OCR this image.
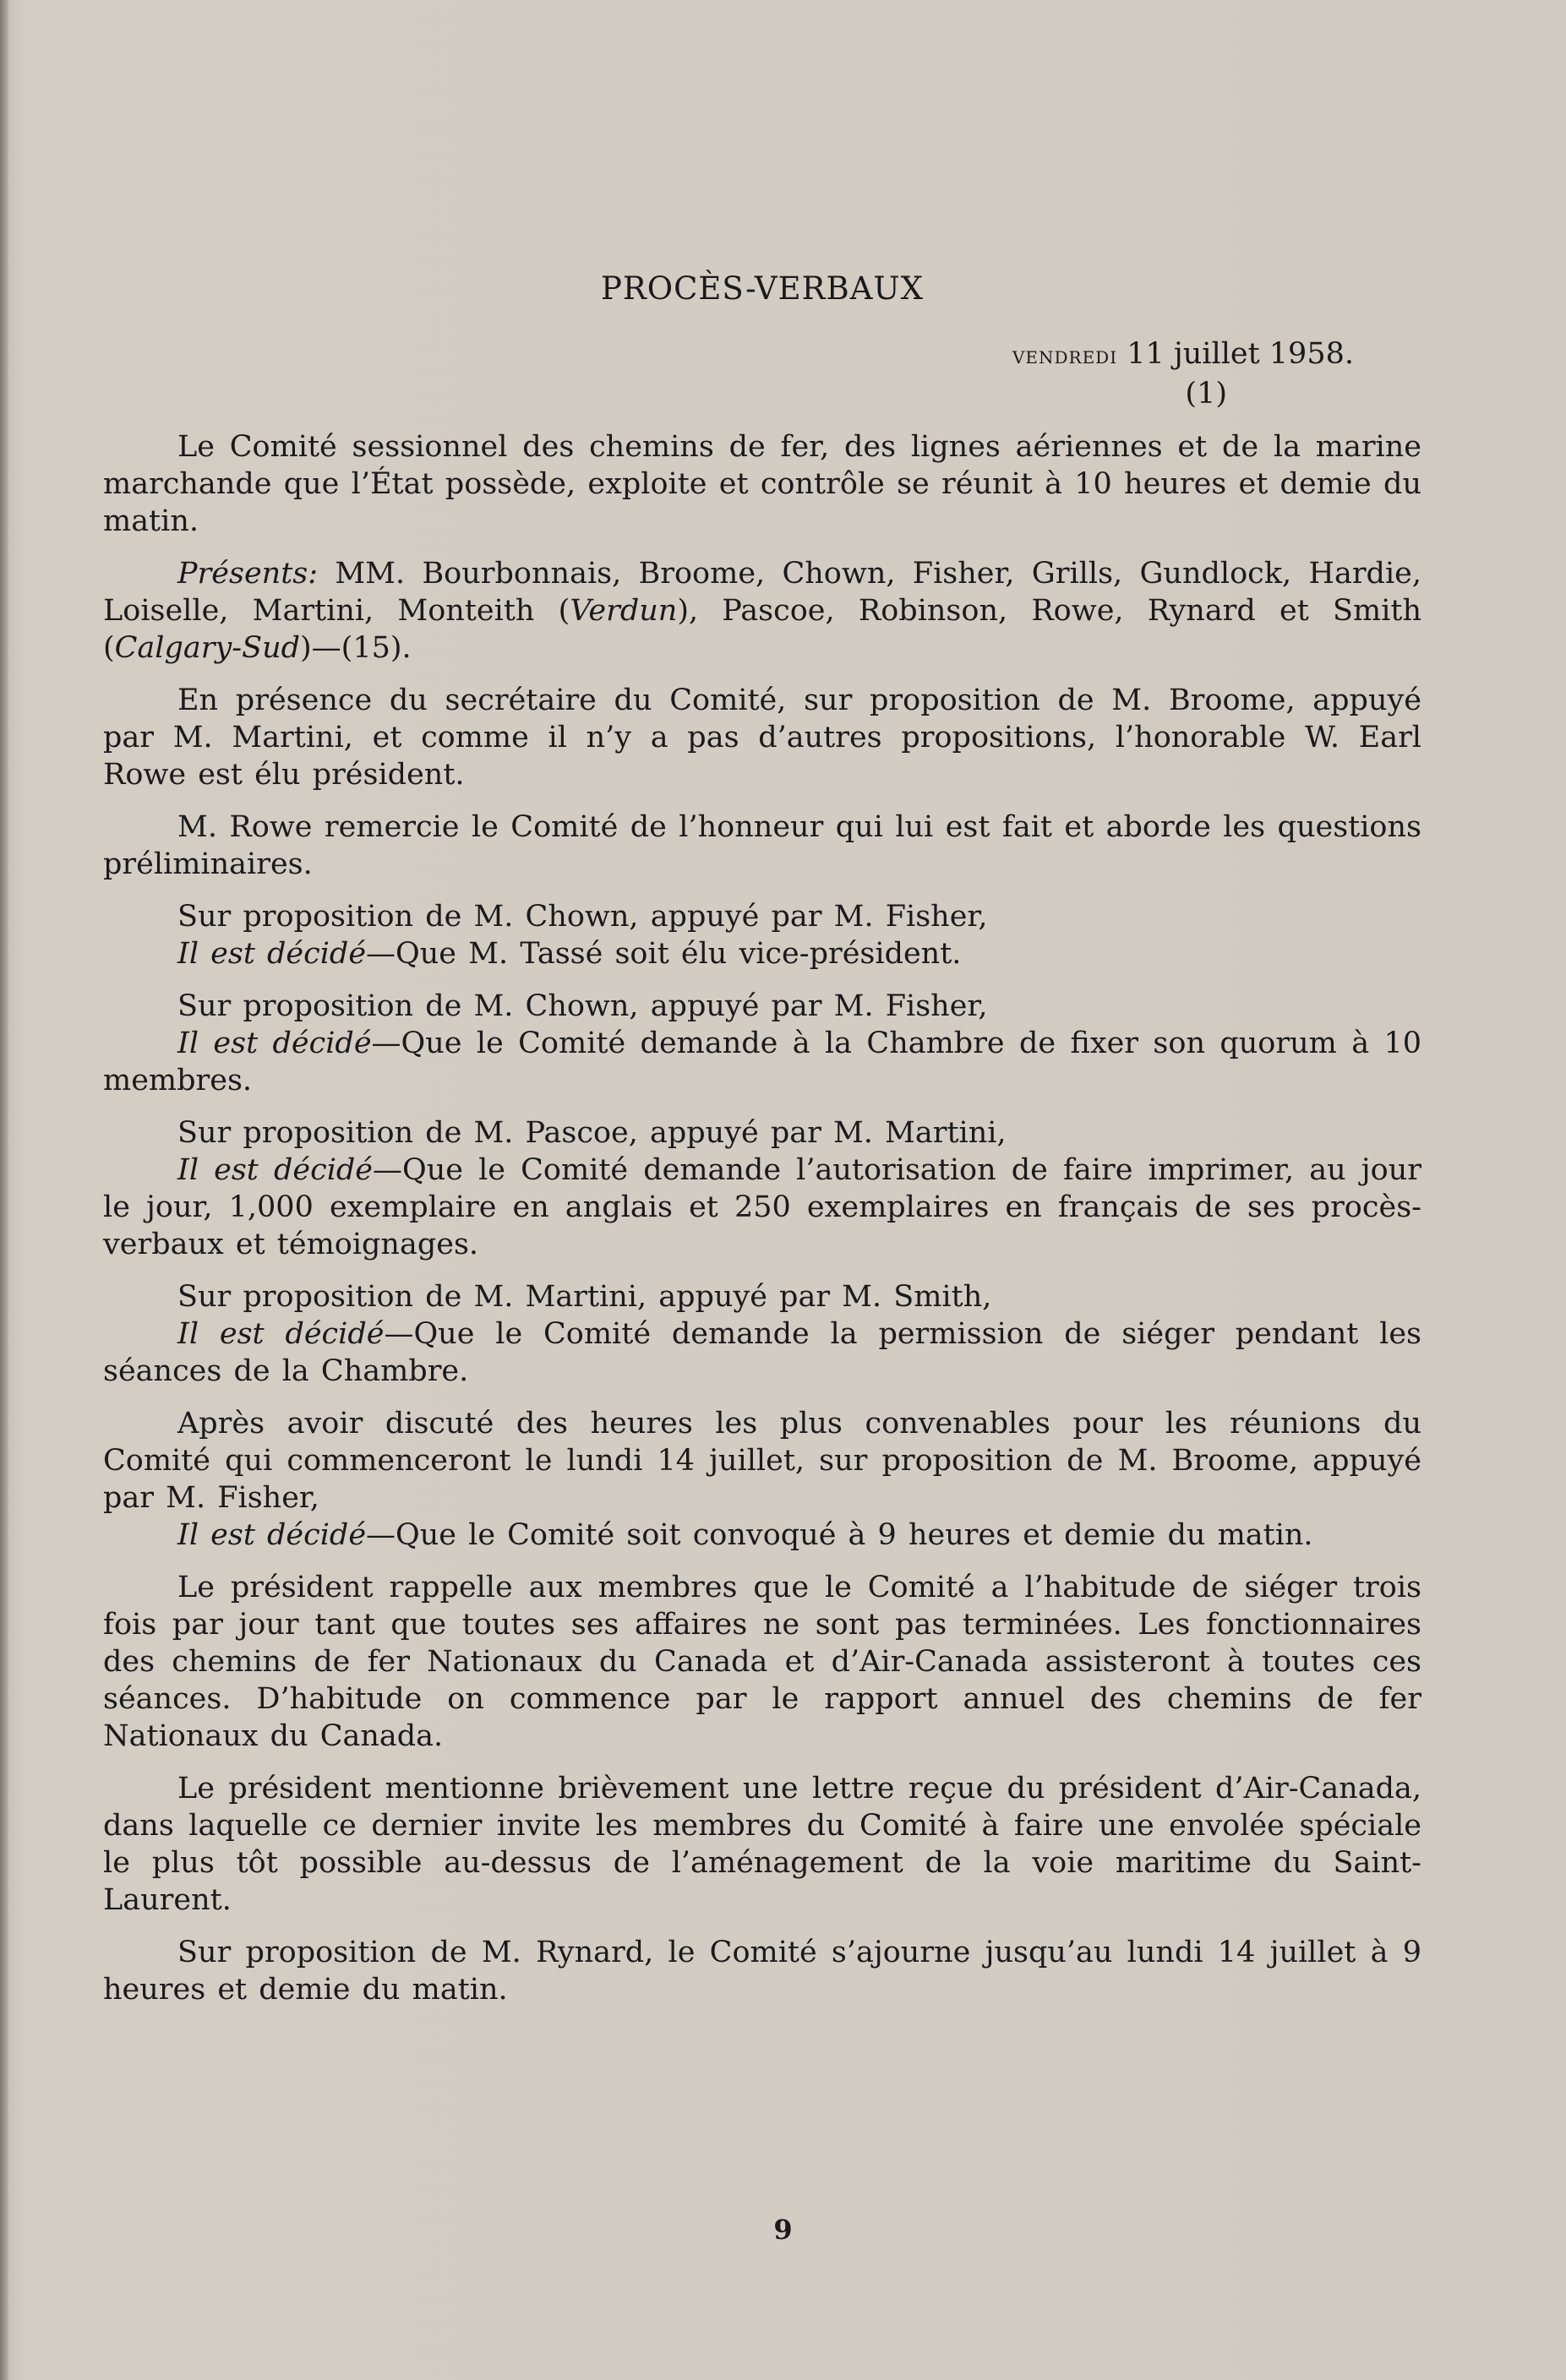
PROCÈS-VERBAUX
vendredi 11 juillet 1958.
(1)

Le Comité sessionnel des chemins de fer, des lignes aériennes et de la marine marchande que l’État possède, exploite et contrôle se réunit à 10 heures et demie du matin.

Présents: MM. Bourbonnais, Broome, Chown, Fisher, Grills, Gundlock, Hardie, Loiselle, Martini, Monteith (Verdun), Pascoe, Robinson, Rowe, Rynard et Smith (Calgary-Sud)—(15).

En présence du secrétaire du Comité, sur proposition de M. Broome, appuyé par M. Martini, et comme il n’y a pas d’autres propositions, l’honorable W. Earl Rowe est élu président.

M. Rowe remercie le Comité de l’honneur qui lui est fait et aborde les questions préliminaires.

Sur proposition de M. Chown, appuyé par M. Fisher,

Il est décidé—Que M. Tassé soit élu vice-président.

Sur proposition de M. Chown, appuyé par M. Fisher,

Il est décidé—Que le Comité demande à la Chambre de fixer son quorum à 10 membres.

Sur proposition de M. Pascoe, appuyé par M. Martini,

Il est décidé—Que le Comité demande l’autorisation de faire imprimer, au jour le jour, 1,000 exemplaire en anglais et 250 exemplaires en français de ses procès-verbaux et témoignages.

Sur proposition de M. Martini, appuyé par M. Smith,

Il est décidé—Que le Comité demande la permission de siéger pendant les séances de la Chambre.

Après avoir discuté des heures les plus convenables pour les réunions du Comité qui commenceront le lundi 14 juillet, sur proposition de M. Broome, appuyé par M. Fisher,

Il est décidé—Que le Comité soit convoqué à 9 heures et demie du matin.

Le président rappelle aux membres que le Comité a l’habitude de siéger trois fois par jour tant que toutes ses affaires ne sont pas terminées. Les fonctionnaires des chemins de fer Nationaux du Canada et d’Air-Canada assisteront à toutes ces séances. D’habitude on commence par le rapport annuel des chemins de fer Nationaux du Canada.

Le président mentionne brièvement une lettre reçue du président d’Air-Canada, dans laquelle ce dernier invite les membres du Comité à faire une envolée spéciale le plus tôt possible au-dessus de l’aménagement de la voie maritime du Saint-Laurent.

Sur proposition de M. Rynard, le Comité s’ajourne jusqu’au lundi 14 juillet à 9 heures et demie du matin.

9
